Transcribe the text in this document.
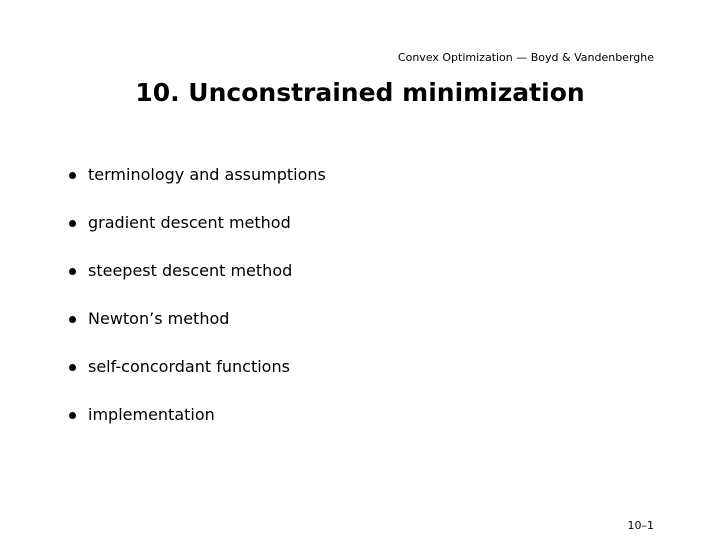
Convex Optimization — Boyd & Vandenberghe
10. Unconstrained minimization
terminology and assumptions
gradient descent method
steepest descent method
Newton’s method
self-concordant functions
implementation
10–1
